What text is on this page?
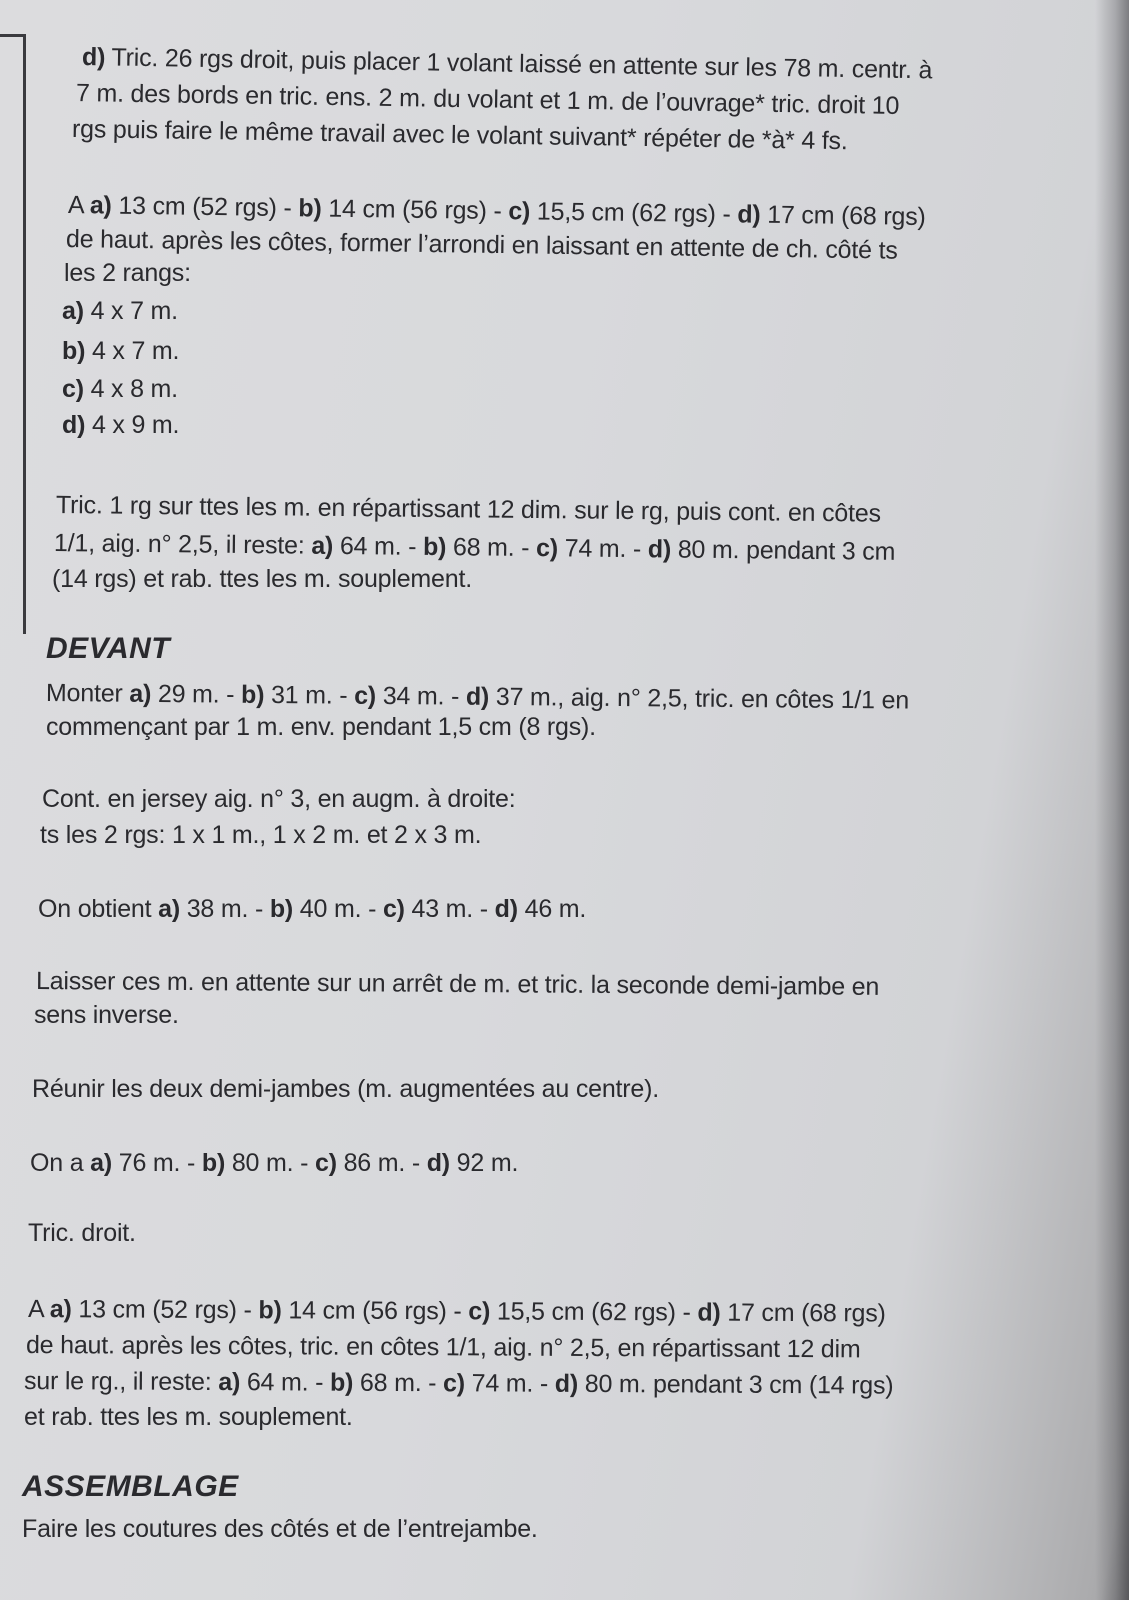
d) Tric. 26 rgs droit, puis placer 1 volant laissé en attente sur les 78 m. centr. à
7 m. des bords en tric. ens. 2 m. du volant et 1 m. de l’ouvrage* tric. droit 10
rgs puis faire le même travail avec le volant suivant* répéter de *à* 4 fs.
A a) 13 cm (52 rgs) - b) 14 cm (56 rgs) - c) 15,5 cm (62 rgs) - d) 17 cm (68 rgs)
de haut. après les côtes, former l’arrondi en laissant en attente de ch. côté ts
les 2 rangs:
a) 4 x 7 m.
b) 4 x 7 m.
c) 4 x 8 m.
d) 4 x 9 m.
Tric. 1 rg sur ttes les m. en répartissant 12 dim. sur le rg, puis cont. en côtes
1/1, aig. n° 2,5, il reste: a) 64 m. - b) 68 m. - c) 74 m. - d) 80 m. pendant 3 cm
(14 rgs) et rab. ttes les m. souplement.
DEVANT
Monter a) 29 m. - b) 31 m. - c) 34 m. - d) 37 m., aig. n° 2,5, tric. en côtes 1/1 en
commençant par 1 m. env. pendant 1,5 cm (8 rgs).
Cont. en jersey aig. n° 3, en augm. à droite:
ts les 2 rgs: 1 x 1 m., 1 x 2 m. et 2 x 3 m.
On obtient a) 38 m. - b) 40 m. - c) 43 m. - d) 46 m.
Laisser ces m. en attente sur un arrêt de m. et tric. la seconde demi-jambe en
sens inverse.
Réunir les deux demi-jambes (m. augmentées au centre).
On a a) 76 m. - b) 80 m. - c) 86 m. - d) 92 m.
Tric. droit.
A a) 13 cm (52 rgs) - b) 14 cm (56 rgs) - c) 15,5 cm (62 rgs) - d) 17 cm (68 rgs)
de haut. après les côtes, tric. en côtes 1/1, aig. n° 2,5, en répartissant 12 dim
sur le rg., il reste: a) 64 m. - b) 68 m. - c) 74 m. - d) 80 m. pendant 3 cm (14 rgs)
et rab. ttes les m. souplement.
ASSEMBLAGE
Faire les coutures des côtés et de l’entrejambe.
